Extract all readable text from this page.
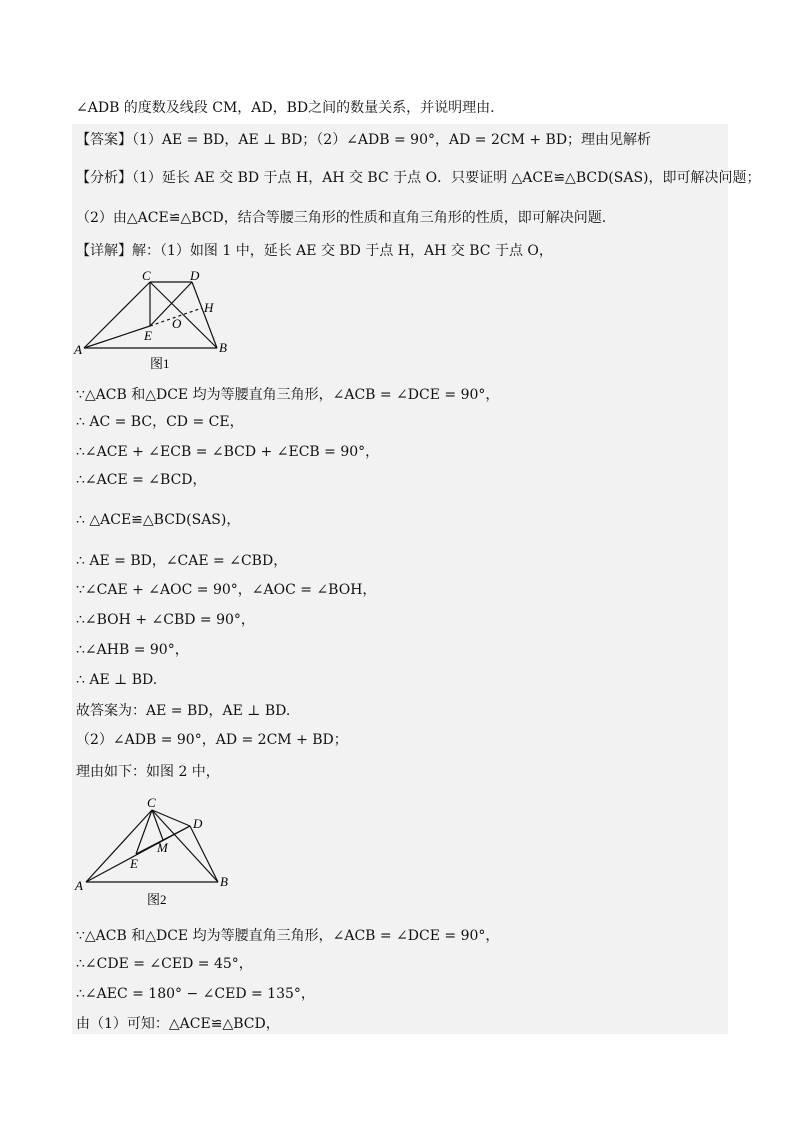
∠ADB 的度数及线段 CM，AD，BD之间的数量关系，并说明理由.
【答案】（1）AE = BD，AE ⊥ BD；（2）∠ADB = 90°，AD = 2CM + BD；理由见解析
【分析】（1）延长 AE 交 BD 于点 H，AH 交 BC 于点 O．只要证明 △ACE≌△BCD(SAS)，即可解决问题；
（2）由△ACE≌△BCD，结合等腰三角形的性质和直角三角形的性质，即可解决问题.
【详解】解：（1）如图 1 中，延长 AE 交 BD 于点 H，AH 交 BC 于点 O，
A	B
C	D
E
H
O
图1
∵△ACB 和△DCE 均为等腰直角三角形，∠ACB = ∠DCE = 90°，
∴ AC = BC，CD = CE，
∴∠ACE + ∠ECB = ∠BCD + ∠ECB = 90°，
∴∠ACE = ∠BCD，
∴ △ACE≌△BCD(SAS)，
∴ AE = BD，∠CAE = ∠CBD，
∵∠CAE + ∠AOC = 90°，∠AOC = ∠BOH，
∴∠BOH + ∠CBD = 90°，
∴∠AHB = 90°，
∴ AE ⊥ BD.
故答案为：AE = BD，AE ⊥ BD.
（2）∠ADB = 90°，AD = 2CM + BD；
理由如下：如图 2 中，
A	B
C
D
E
M
图2
∵△ACB 和△DCE 均为等腰直角三角形，∠ACB = ∠DCE = 90°，
∴∠CDE = ∠CED = 45°，
∴∠AEC = 180° − ∠CED = 135°，
由（1）可知：△ACE≌△BCD，
